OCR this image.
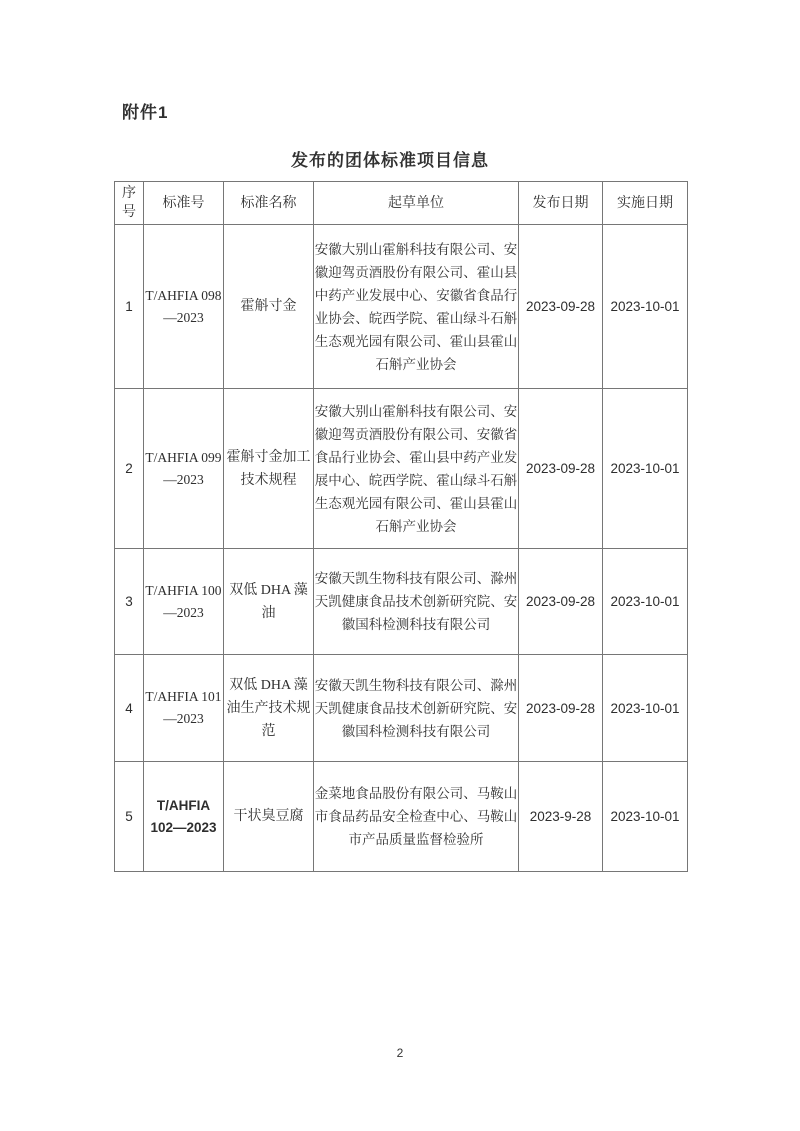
附件1
发布的团体标准项目信息
序号	标准号	标准名称	起草单位	发布日期	实施日期
1	T/AHFIA 098—2023	霍斛寸金	安徽大别山霍斛科技有限公司、安徽迎驾贡酒股份有限公司、霍山县中药产业发展中心、安徽省食品行业协会、皖西学院、霍山绿斗石斛生态观光园有限公司、霍山县霍山石斛产业协会	2023-09-28	2023-10-01
2	T/AHFIA 099—2023	霍斛寸金加工技术规程	安徽大别山霍斛科技有限公司、安徽迎驾贡酒股份有限公司、安徽省食品行业协会、霍山县中药产业发展中心、皖西学院、霍山绿斗石斛生态观光园有限公司、霍山县霍山石斛产业协会	2023-09-28	2023-10-01
3	T/AHFIA 100—2023	双低 DHA 藻油	安徽天凯生物科技有限公司、滁州天凯健康食品技术创新研究院、安徽国科检测科技有限公司	2023-09-28	2023-10-01
4	T/AHFIA 101—2023	双低 DHA 藻油生产技术规范	安徽天凯生物科技有限公司、滁州天凯健康食品技术创新研究院、安徽国科检测科技有限公司	2023-09-28	2023-10-01
5	T/AHFIA 102—2023	干状臭豆腐	金菜地食品股份有限公司、马鞍山市食品药品安全检查中心、马鞍山市产品质量监督检验所	2023-9-28	2023-10-01
2
